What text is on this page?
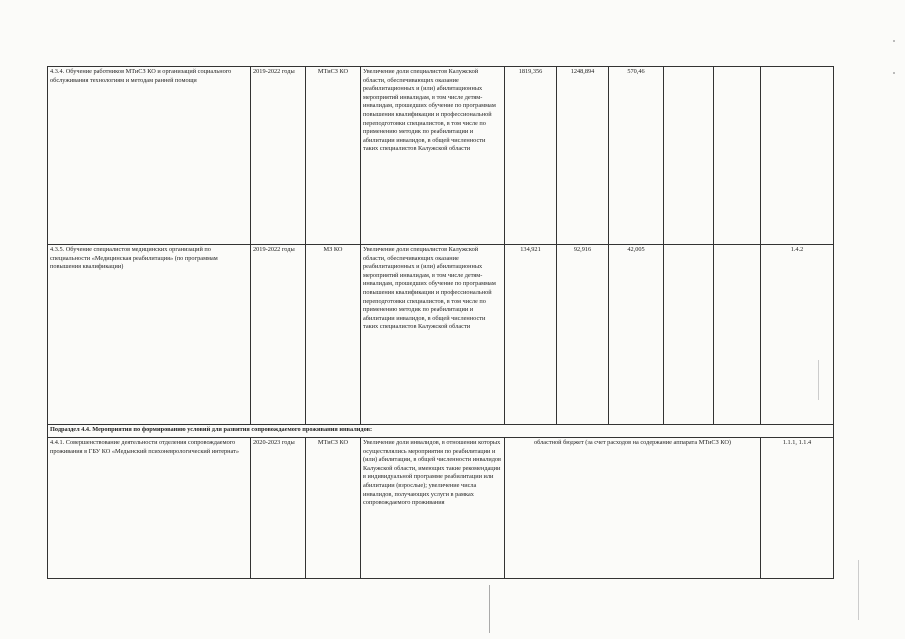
4.3.4. Обучение работников МТиСЗ КО и организаций социального обслуживания технологиям и методам ранней помощи	2019-2022 годы	МТиСЗ КО	Увеличение доли специалистов Калужской области, обеспечивающих оказание реабилитационных и (или) абилитационных мероприятий инвалидам, в том числе детям-инвалидам, прошедших обучение по программам повышения квалификации и профессиональной переподготовки специалистов, в том числе по применению методик по реабилитации и абилитации инвалидов, в общей численности таких специалистов Калужской области	1819,356	1248,894	570,46			
4.3.5. Обучение специалистов медицинских организаций по специальности «Медицинская реабилитация» (по программам повышения квалификации)	2019-2022 годы	МЗ КО	Увеличение доли специалистов Калужской области, обеспечивающих оказание реабилитационных и (или) абилитационных мероприятий инвалидам, в том числе детям-инвалидам, прошедших обучение по программам повышения квалификации и профессиональной переподготовки специалистов, в том числе по применению методик по реабилитации и абилитации инвалидов, в общей численности таких специалистов Калужской области	134,921	92,916	42,005			1.4.2
Подраздел 4.4. Мероприятия по формированию условий для развития сопровождаемого проживания инвалидов:									
4.4.1. Совершенствование деятельности отделения сопровождаемого проживания в ГБУ КО «Медынский психоневрологический интернат»	2020-2023 годы	МТиСЗ КО	Увеличение доли инвалидов, в отношении которых осуществлялись мероприятия по реабилитации и (или) абилитации, в общей численности инвалидов Калужской области, имеющих такие рекомендации в индивидуальной программе реабилитации или абилитации (взрослые); увеличение числа инвалидов, получающих услуги в рамках сопровождаемого проживания	областной бюджет (за счет расходов на содержание аппарата МТиСЗ КО)					1.1.1, 1.1.4
